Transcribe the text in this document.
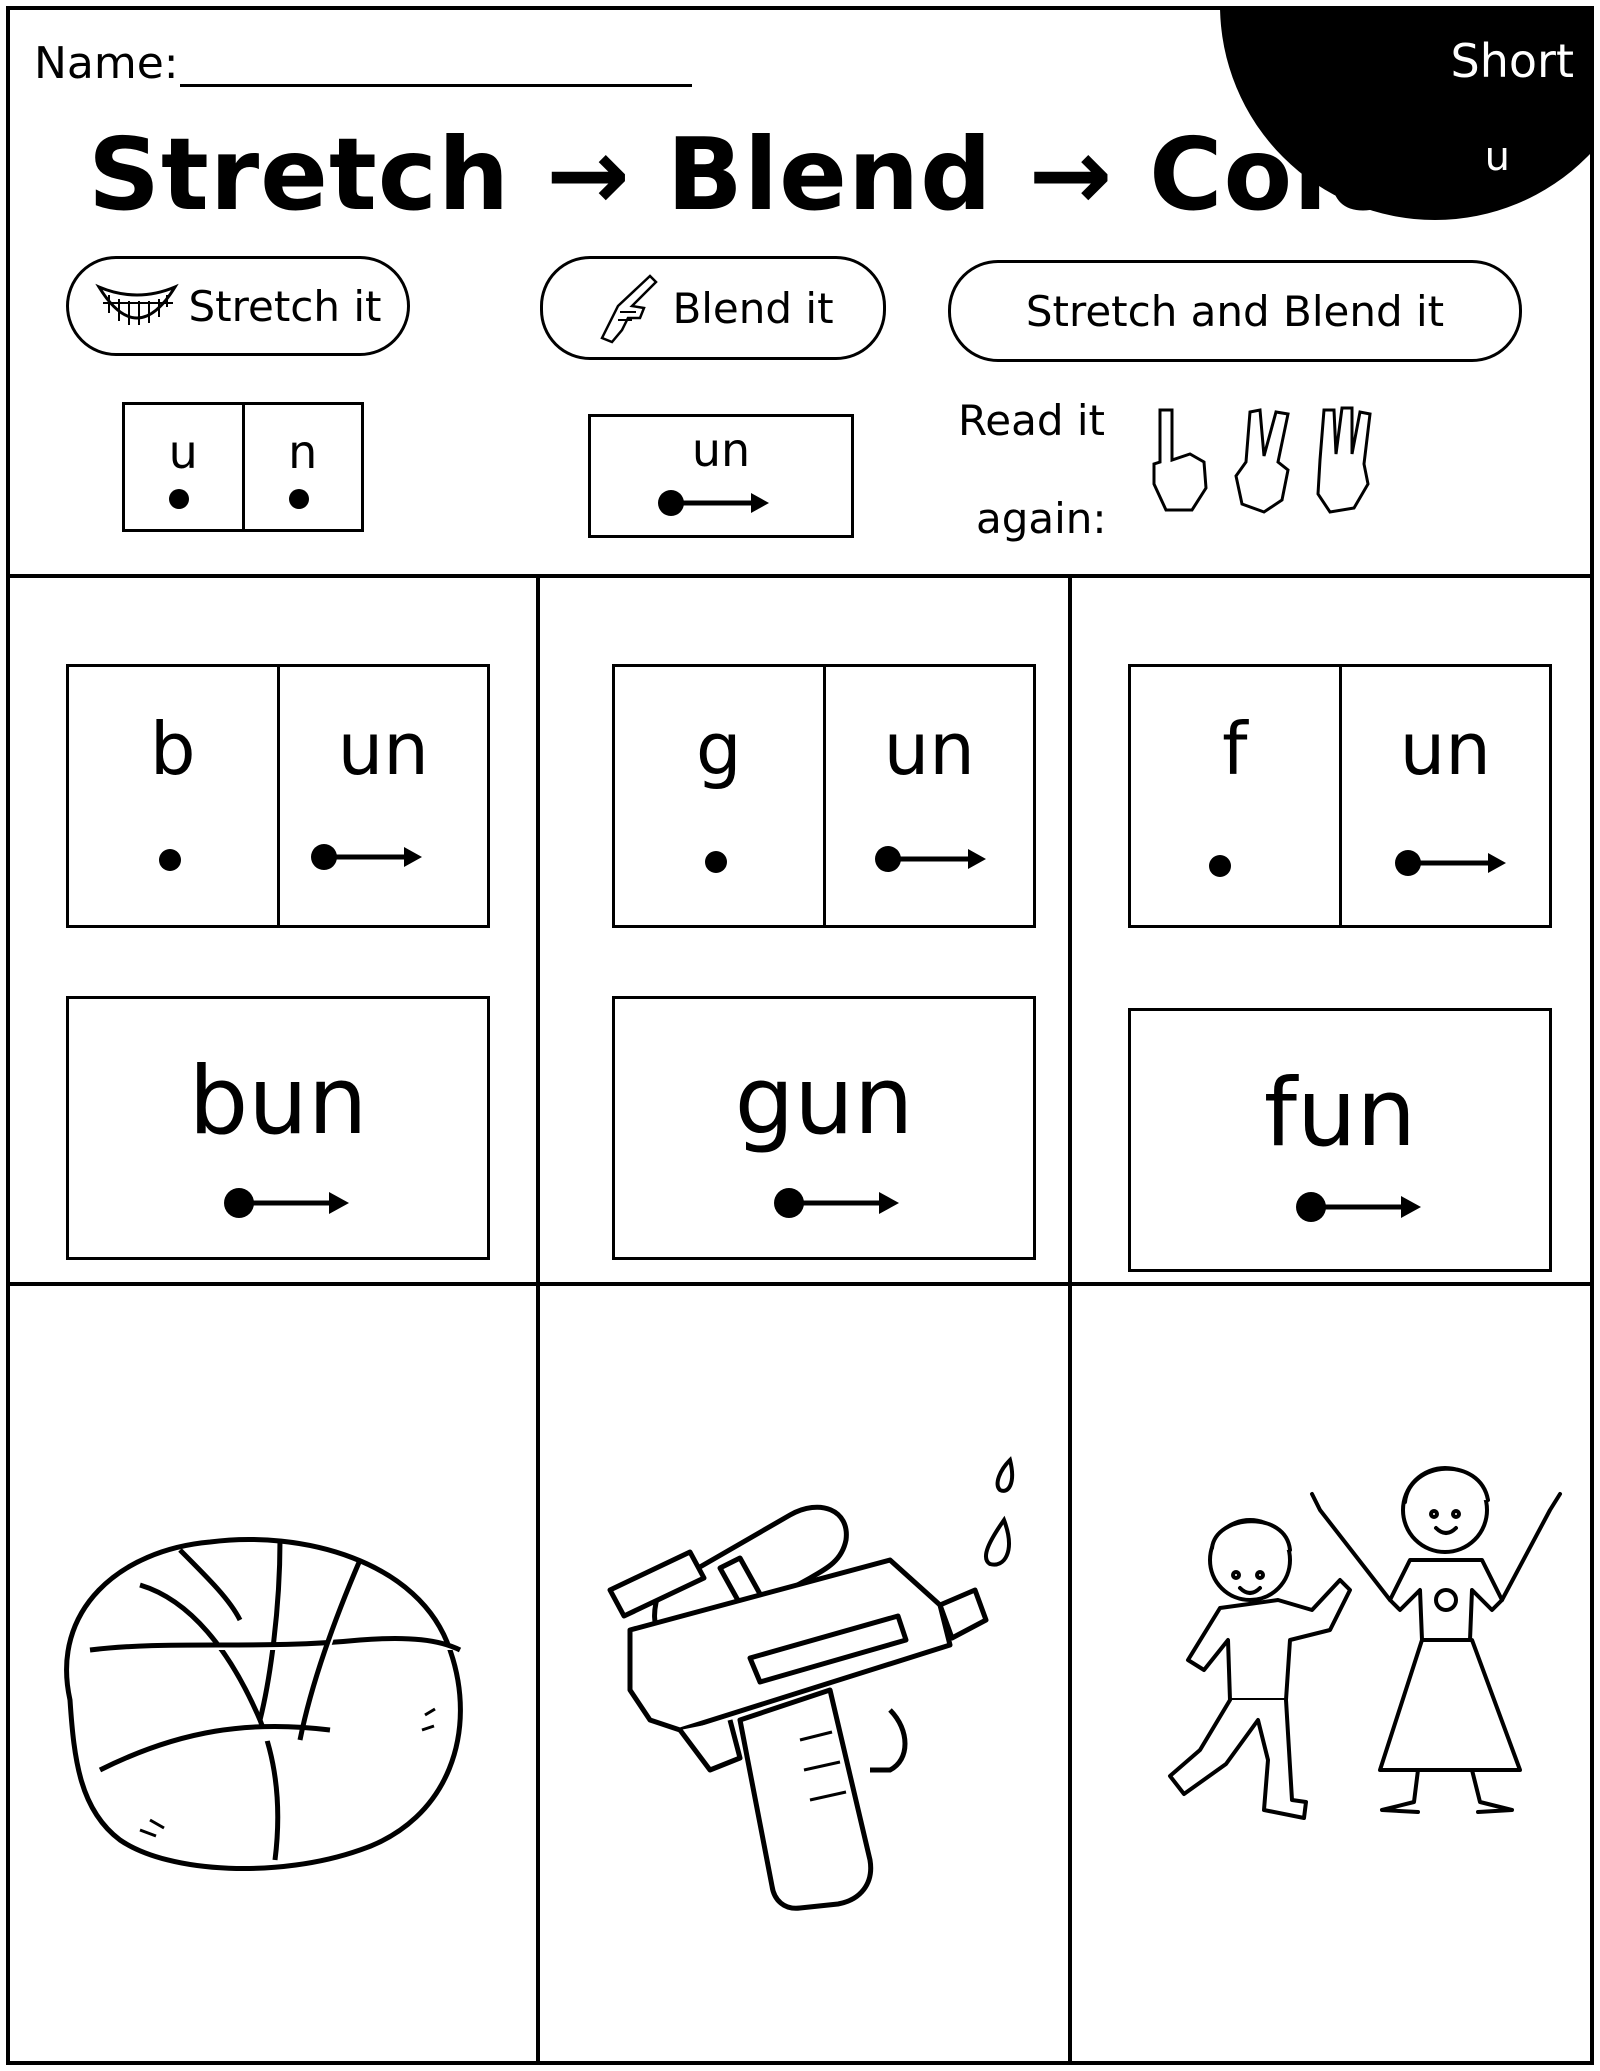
Name:	Short
u
Stretch → Blend → Color
Stretch it	Blend it	Stretch and Blend it
u	n	un
Read it
again:
b	un
bun
g	un
gun
f	un
fun
